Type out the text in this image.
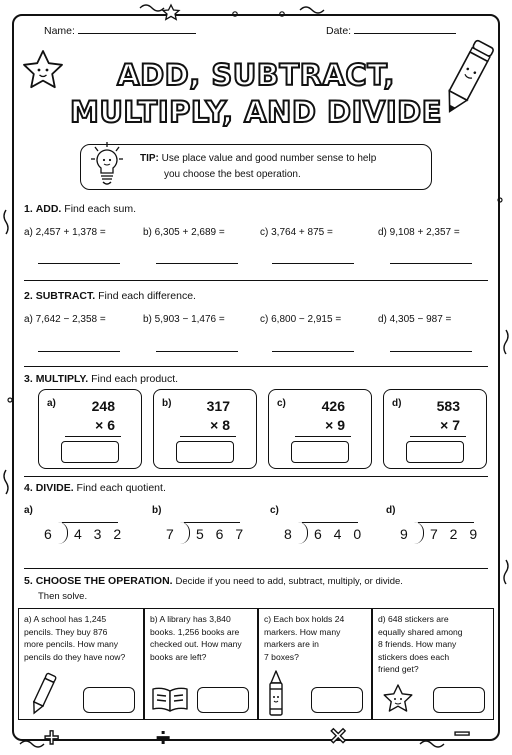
Name:	Date:
ADD, SUBTRACT,
MULTIPLY, AND DIVIDE
TIP: Use place value and good number sense to help
you choose the best operation.
1. ADD. Find each sum.
a) 2,457 + 1,378 =	b) 6,305 + 2,689 =	c) 3,764 + 875 =	d) 9,108 + 2,357 =
2. SUBTRACT. Find each difference.
a) 7,642 − 2,358 =	b) 5,903 − 1,476 =	c) 6,800 − 2,915 =	d) 4,305 − 987 =
3. MULTIPLY. Find each product.
a)	248
× 6
b)	317
× 8
c)	426
× 9
d)	583
× 7
4. DIVIDE. Find each quotient.
a)
6 4 3 2
b)
7 5 6 7
c)
8 6 4 0
d)
9 7 2 9
5. CHOOSE THE OPERATION. Decide if you need to add, subtract, multiply, or divide.
Then solve.
a) A school has 1,245
pencils. They buy 876
more pencils. How many
pencils do they have now?
b) A library has 3,840
books. 1,256 books are
checked out. How many
books are left?
c) Each box holds 24
markers. How many
markers are in
7 boxes?
d) 648 stickers are
equally shared among
8 friends. How many
stickers does each
friend get?
+	÷	×	−
